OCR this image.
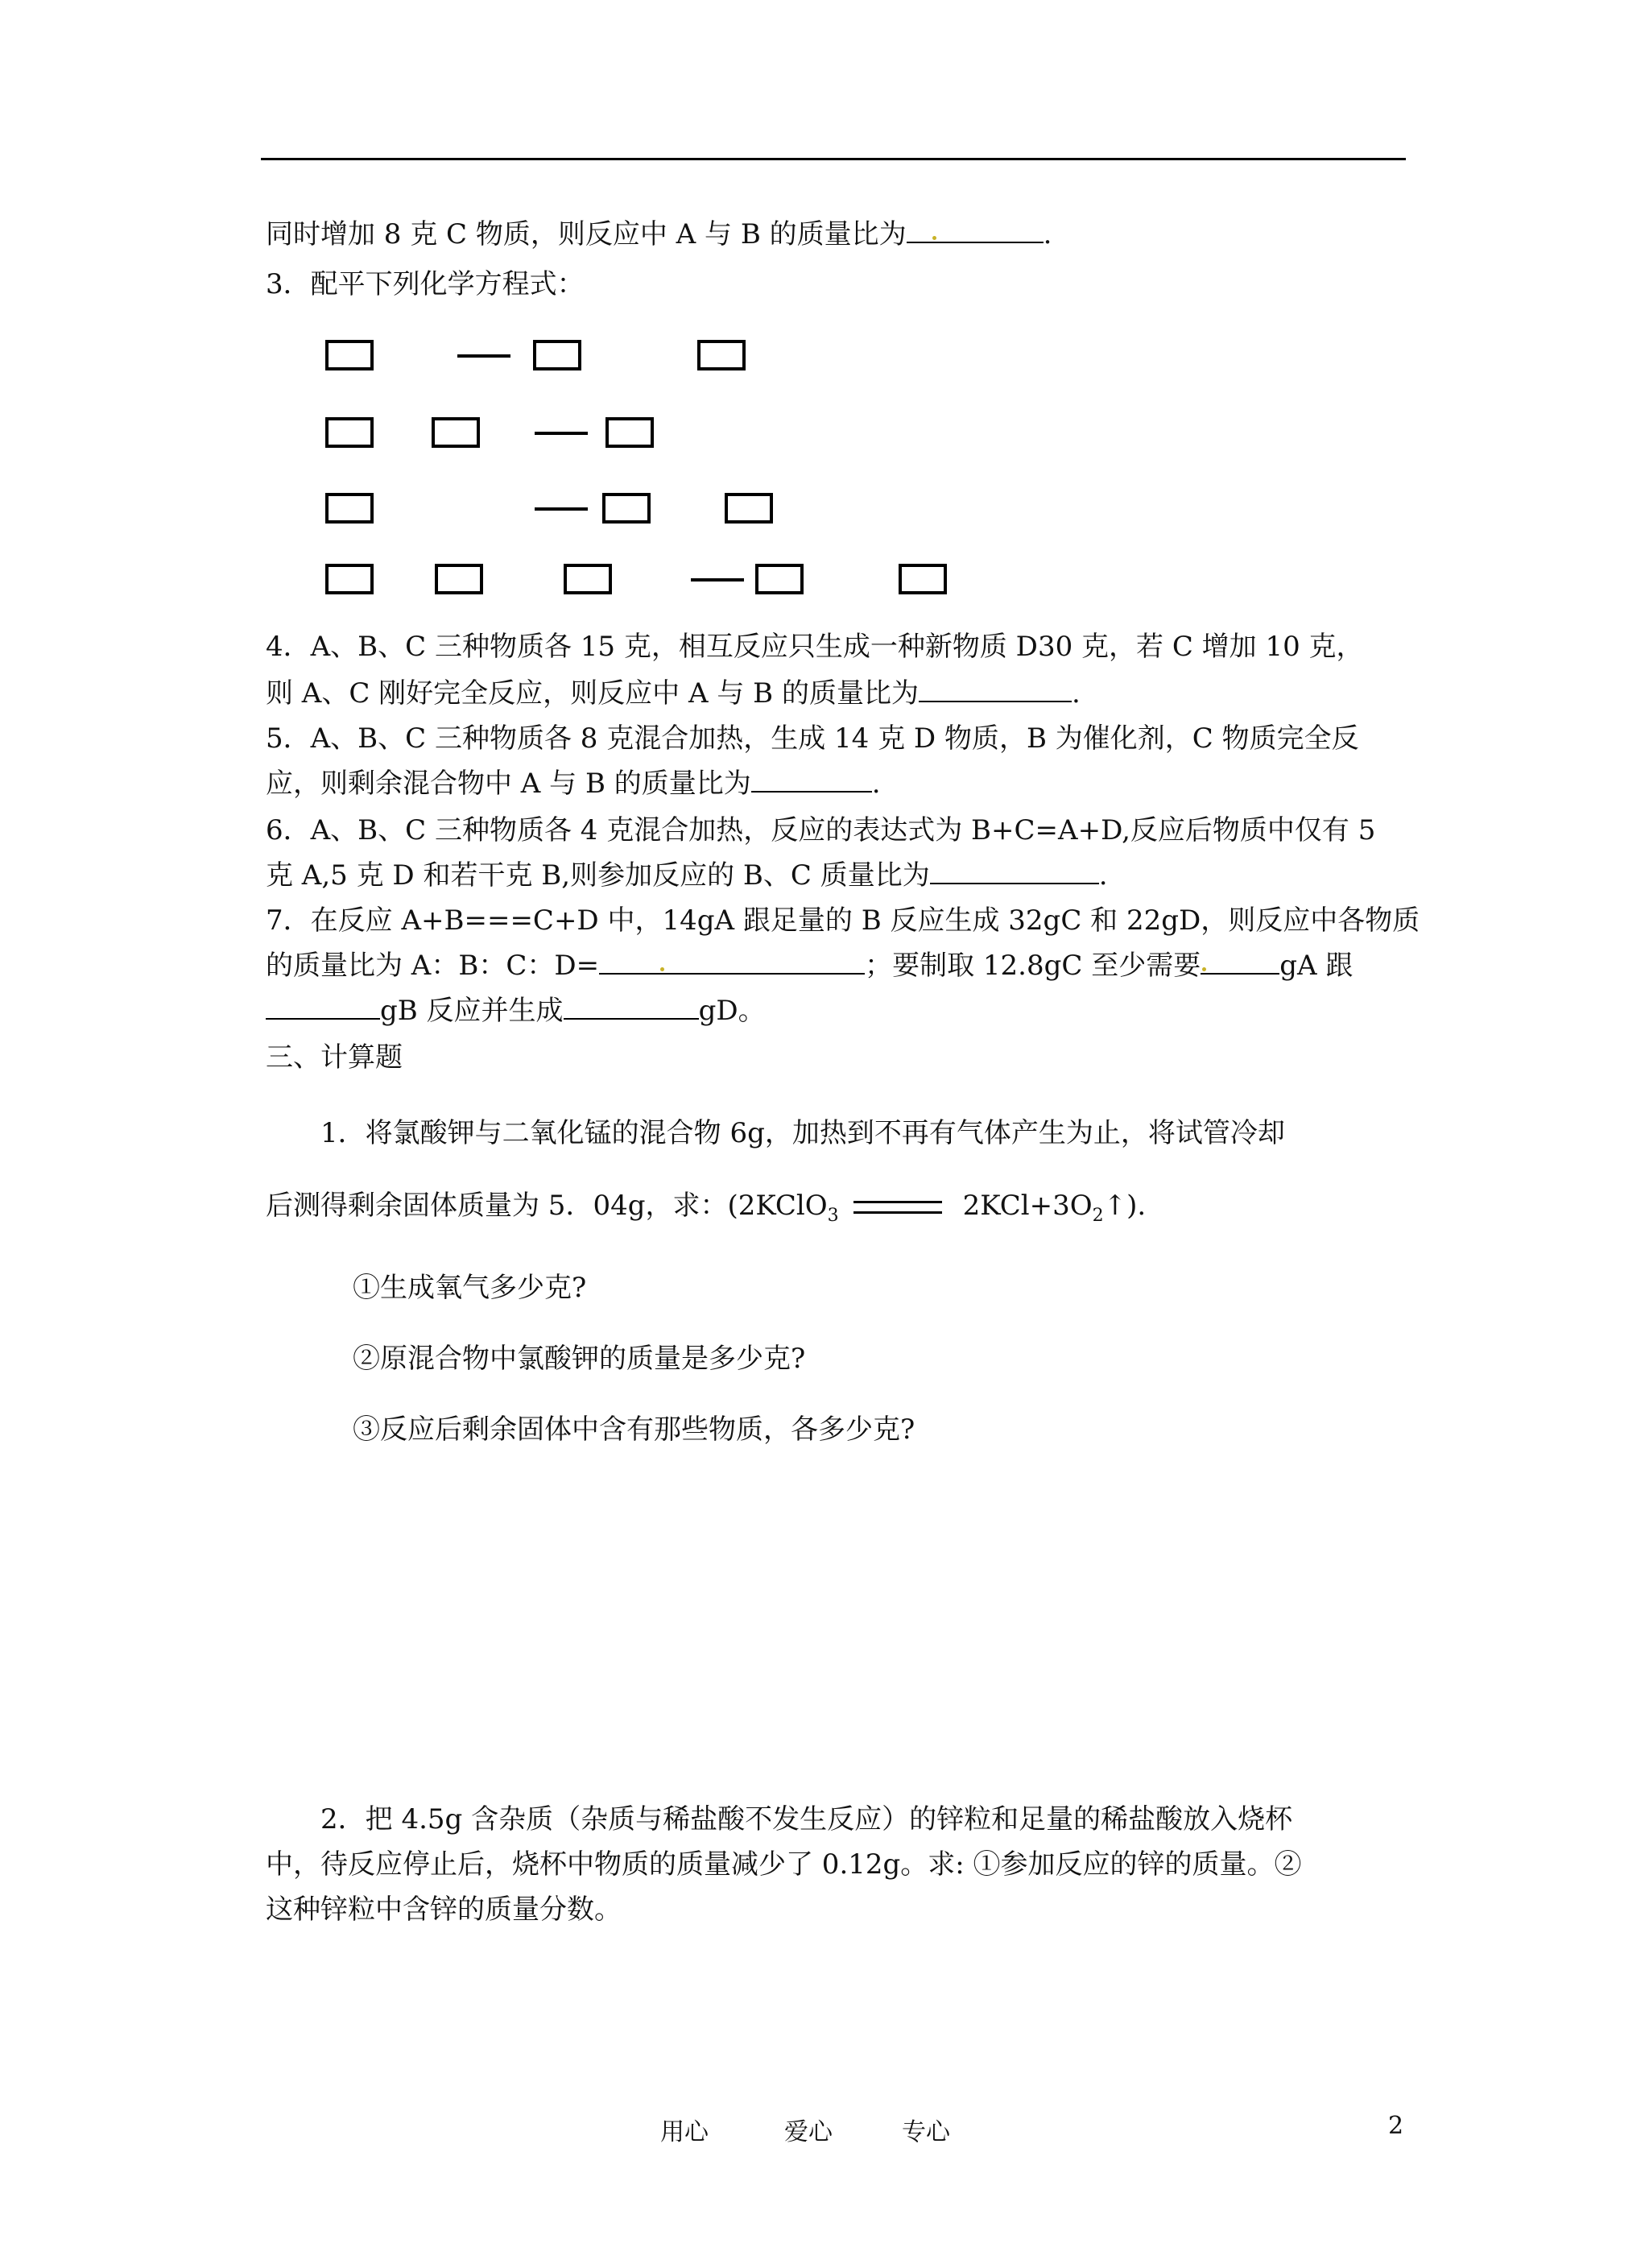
同时增加 8 克 C 物质，则反应中 A 与 B 的质量比为	.
3．配平下列化学方程式：
4．A、B、C 三种物质各 15 克，相互反应只生成一种新物质 D30 克，若 C 增加 10 克，
则 A、C 刚好完全反应，则反应中 A 与 B 的质量比为	.
5．A、B、C 三种物质各 8 克混合加热，生成 14 克 D 物质，B 为催化剂，C 物质完全反
应，则剩余混合物中 A 与 B 的质量比为	.
6．A、B、C 三种物质各 4 克混合加热，反应的表达式为 B+C=A+D,反应后物质中仅有 5
克 A,5 克 D 和若干克 B,则参加反应的 B、C 质量比为	.
7．在反应 A+B===C+D 中，14gA 跟足量的 B 反应生成 32gC 和 22gD，则反应中各物质
的质量比为 A：B：C：D=	；要制取 12.8gC 至少需要	gA 跟
gB 反应并生成	gD。
三、计算题
1．将氯酸钾与二氧化锰的混合物 6g，加热到不再有气体产生为止，将试管冷却
后测得剩余固体质量为 5．04g，求：(2KClO$_3$	$2KCl+3O_2↑$).
①生成氧气多少克?
②原混合物中氯酸钾的质量是多少克?
③反应后剩余固体中含有那些物质，各多少克?
2．把 4.5g 含杂质（杂质与稀盐酸不发生反应）的锌粒和足量的稀盐酸放入烧杯
中，待反应停止后，烧杯中物质的质量减少了 0.12g。求: ①参加反应的锌的质量。②
这种锌粒中含锌的质量分数。
用心	爱心	专心	2
